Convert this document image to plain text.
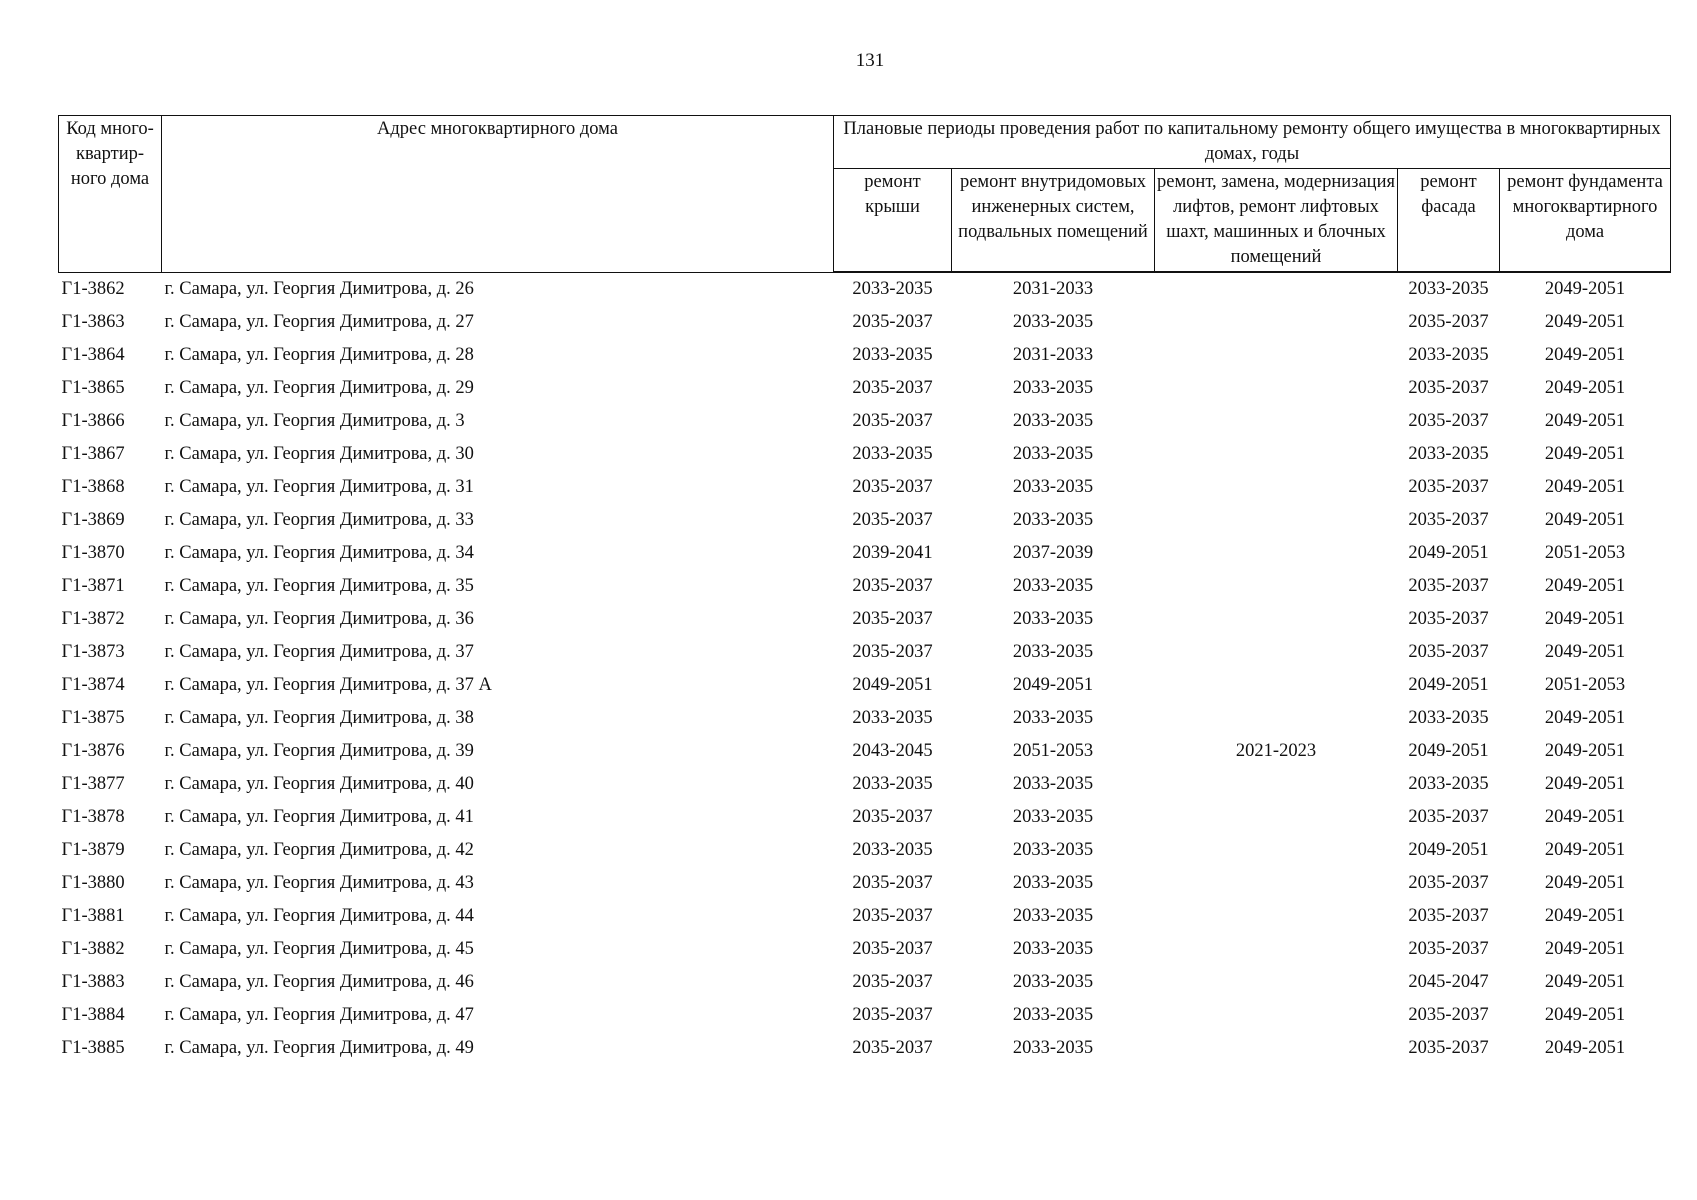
131
Код много-квартир-ного дома	Адрес многоквартирного дома	Плановые периоды проведения работ по капитальному ремонту общего имущества в многоквартирных домах, годы				
		ремонт крыши	ремонт внутридомовых инженерных систем, подвальных помещений	ремонт, замена, модернизация лифтов, ремонт лифтовых шахт, машинных и блочных помещений	ремонт фасада	ремонт фундамента многоквартирного дома
Г1-3862	г. Самара, ул. Георгия Димитрова, д. 26	2033-2035	2031-2033		2033-2035	2049-2051
Г1-3863	г. Самара, ул. Георгия Димитрова, д. 27	2035-2037	2033-2035		2035-2037	2049-2051
Г1-3864	г. Самара, ул. Георгия Димитрова, д. 28	2033-2035	2031-2033		2033-2035	2049-2051
Г1-3865	г. Самара, ул. Георгия Димитрова, д. 29	2035-2037	2033-2035		2035-2037	2049-2051
Г1-3866	г. Самара, ул. Георгия Димитрова, д. 3	2035-2037	2033-2035		2035-2037	2049-2051
Г1-3867	г. Самара, ул. Георгия Димитрова, д. 30	2033-2035	2033-2035		2033-2035	2049-2051
Г1-3868	г. Самара, ул. Георгия Димитрова, д. 31	2035-2037	2033-2035		2035-2037	2049-2051
Г1-3869	г. Самара, ул. Георгия Димитрова, д. 33	2035-2037	2033-2035		2035-2037	2049-2051
Г1-3870	г. Самара, ул. Георгия Димитрова, д. 34	2039-2041	2037-2039		2049-2051	2051-2053
Г1-3871	г. Самара, ул. Георгия Димитрова, д. 35	2035-2037	2033-2035		2035-2037	2049-2051
Г1-3872	г. Самара, ул. Георгия Димитрова, д. 36	2035-2037	2033-2035		2035-2037	2049-2051
Г1-3873	г. Самара, ул. Георгия Димитрова, д. 37	2035-2037	2033-2035		2035-2037	2049-2051
Г1-3874	г. Самара, ул. Георгия Димитрова, д. 37 А	2049-2051	2049-2051		2049-2051	2051-2053
Г1-3875	г. Самара, ул. Георгия Димитрова, д. 38	2033-2035	2033-2035		2033-2035	2049-2051
Г1-3876	г. Самара, ул. Георгия Димитрова, д. 39	2043-2045	2051-2053	2021-2023	2049-2051	2049-2051
Г1-3877	г. Самара, ул. Георгия Димитрова, д. 40	2033-2035	2033-2035		2033-2035	2049-2051
Г1-3878	г. Самара, ул. Георгия Димитрова, д. 41	2035-2037	2033-2035		2035-2037	2049-2051
Г1-3879	г. Самара, ул. Георгия Димитрова, д. 42	2033-2035	2033-2035		2049-2051	2049-2051
Г1-3880	г. Самара, ул. Георгия Димитрова, д. 43	2035-2037	2033-2035		2035-2037	2049-2051
Г1-3881	г. Самара, ул. Георгия Димитрова, д. 44	2035-2037	2033-2035		2035-2037	2049-2051
Г1-3882	г. Самара, ул. Георгия Димитрова, д. 45	2035-2037	2033-2035		2035-2037	2049-2051
Г1-3883	г. Самара, ул. Георгия Димитрова, д. 46	2035-2037	2033-2035		2045-2047	2049-2051
Г1-3884	г. Самара, ул. Георгия Димитрова, д. 47	2035-2037	2033-2035		2035-2037	2049-2051
Г1-3885	г. Самара, ул. Георгия Димитрова, д. 49	2035-2037	2033-2035		2035-2037	2049-2051
